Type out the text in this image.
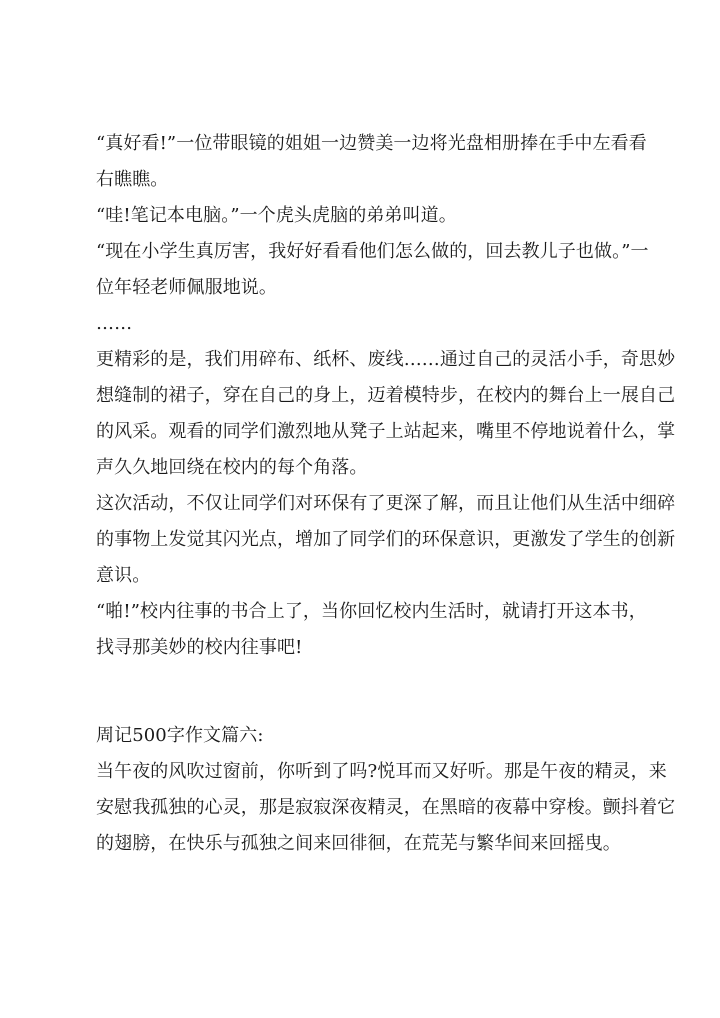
“真好看!”一位带眼镜的姐姐一边赞美一边将光盘相册捧在手中左看看
右瞧瞧。
“哇!笔记本电脑。”一个虎头虎脑的弟弟叫道。
“现在小学生真厉害，我好好看看他们怎么做的，回去教儿子也做。”一
位年轻老师佩服地说。
……
更精彩的是，我们用碎布、纸杯、废线……通过自己的灵活小手，奇思妙
想缝制的裙子，穿在自己的身上，迈着模特步，在校内的舞台上一展自己
的风采。观看的同学们激烈地从凳子上站起来，嘴里不停地说着什么，掌
声久久地回绕在校内的每个角落。
这次活动，不仅让同学们对环保有了更深了解，而且让他们从生活中细碎
的事物上发觉其闪光点，增加了同学们的环保意识，更激发了学生的创新
意识。
“啪!”校内往事的书合上了，当你回忆校内生活时，就请打开这本书，
找寻那美妙的校内往事吧!
周记500字作文篇六:
当午夜的风吹过窗前，你听到了吗?悦耳而又好听。那是午夜的精灵，来
安慰我孤独的心灵，那是寂寂深夜精灵，在黑暗的夜幕中穿梭。颤抖着它
的翅膀，在快乐与孤独之间来回徘徊，在荒芜与繁华间来回摇曳。
